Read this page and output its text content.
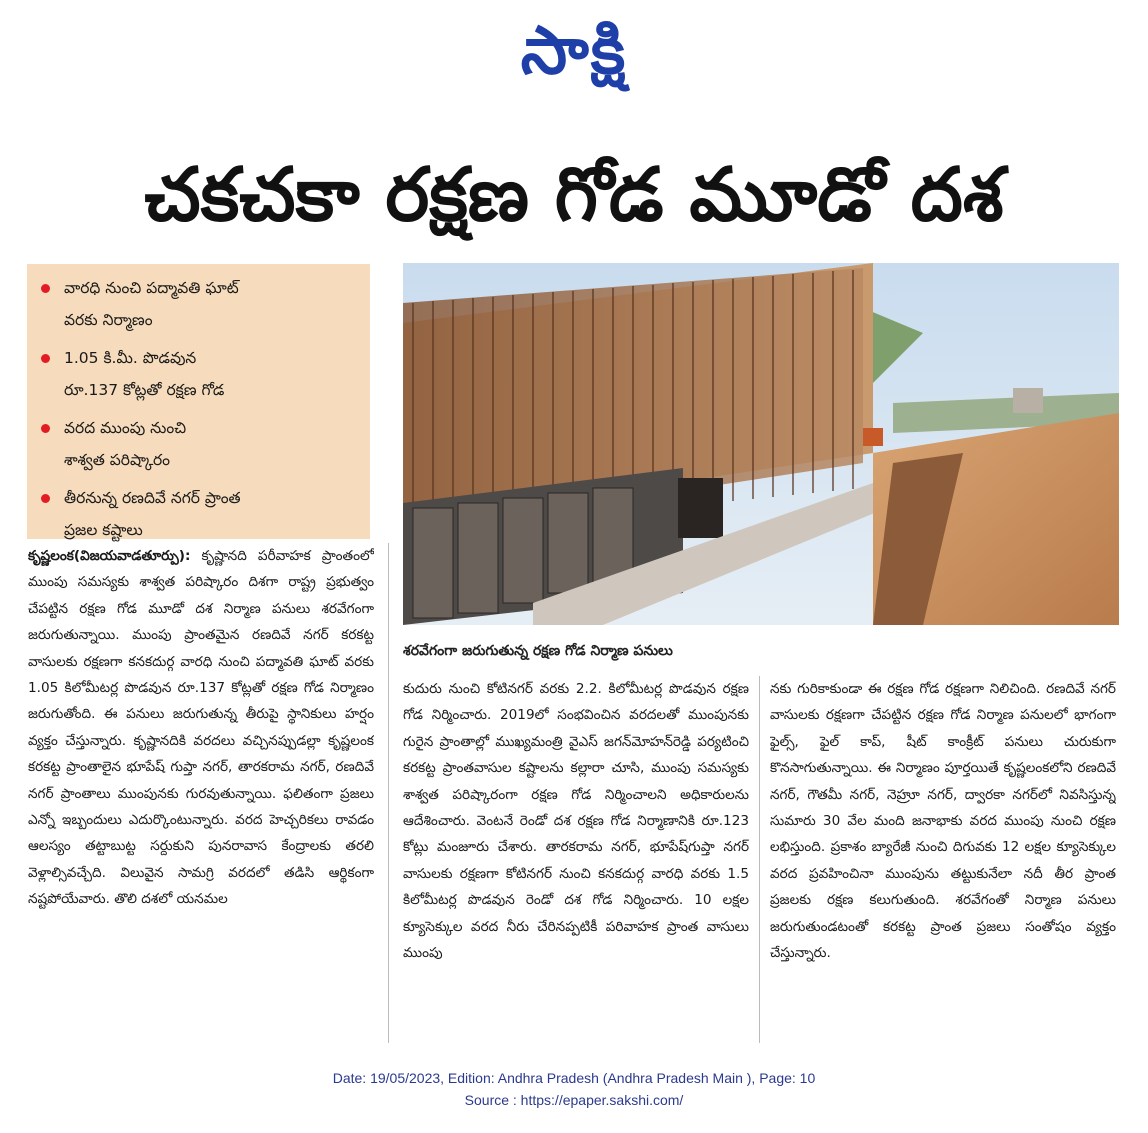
సాక్షి
చకచకా రక్షణ గోడ మూడో దశ
వారధి నుంచి పద్మావతి ఘాట్
వరకు నిర్మాణం
1.05 కి.మీ. పొడవున
రూ.137 కోట్లతో రక్షణ గోడ
వరద ముంపు నుంచి
శాశ్వత పరిష్కారం
తీరనున్న రణదివే నగర్ ప్రాంత
ప్రజల కష్టాలు
శరవేగంగా జరుగుతున్న రక్షణ గోడ నిర్మాణ పనులు
కృష్ణలంక(విజయవాడతూర్పు): కృష్ణానది పరీవాహక ప్రాంతంలో ముంపు సమస్యకు శాశ్వత పరిష్కారం దిశగా రాష్ట్ర ప్రభుత్వం చేపట్టిన రక్షణ గోడ మూడో దశ నిర్మాణ పనులు శరవేగంగా జరుగుతున్నాయి. ముంపు ప్రాంతమైన రణదివే నగర్ కరకట్ట వాసులకు రక్షణగా కనకదుర్గ వారధి నుంచి పద్మావతి ఘాట్ వరకు 1.05 కిలోమీటర్ల పొడవున రూ.137 కోట్లతో రక్షణ గోడ నిర్మాణం జరుగుతోంది. ఈ పనులు జరుగుతున్న తీరుపై స్థానికులు హర్షం వ్యక్తం చేస్తున్నారు. కృష్ణానదికి వరదలు వచ్చినప్పుడల్లా కృష్ణలంక కరకట్ట ప్రాంతాలైన భూపేష్ గుప్తా నగర్, తారకరామ నగర్, రణదివే నగర్ ప్రాంతాలు ముంపునకు గురవుతున్నాయి. ఫలితంగా ప్రజలు ఎన్నో ఇబ్బందులు ఎదుర్కొంటున్నారు. వరద హెచ్చరికలు రావడం ఆలస్యం తట్టాబుట్ట సర్దుకుని పునరావాస కేంద్రాలకు తరలి వెళ్లాల్సివచ్చేది. విలువైన సామగ్రి వరదలో తడిసి ఆర్థికంగా నష్టపోయేవారు. తొలి దశలో యనమల
కుదురు నుంచి కోటినగర్ వరకు 2.2. కిలోమీటర్ల పొడవున రక్షణ గోడ నిర్మించారు. 2019లో సంభవించిన వరదలతో ముంపునకు గురైన ప్రాంతాల్లో ముఖ్యమంత్రి వైఎస్ జగన్‌మోహన్‌రెడ్డి పర్యటించి కరకట్ట ప్రాంతవాసుల కష్టాలను కల్లారా చూసి, ముంపు సమస్యకు శాశ్వత పరిష్కారంగా రక్షణ గోడ నిర్మించాలని అధికారులను ఆదేశించారు. వెంటనే రెండో దశ రక్షణ గోడ నిర్మాణానికి రూ.123 కోట్లు మంజూరు చేశారు. తారకరామ నగర్, భూపేష్‌గుప్తా నగర్ వాసులకు రక్షణగా కోటినగర్ నుంచి కనకదుర్గ వారధి వరకు 1.5 కిలోమీటర్ల పొడవున రెండో దశ గోడ నిర్మించారు. 10 లక్షల క్యూసెక్కుల వరద నీరు చేరినప్పటికీ పరివాహక ప్రాంత వాసులు ముంపు
నకు గురికాకుండా ఈ రక్షణ గోడ రక్షణగా నిలిచింది. రణదివే నగర్ వాసులకు రక్షణగా చేపట్టిన రక్షణ గోడ నిర్మాణ పనులలో భాగంగా ఫైల్స్, ఫైల్ కాప్, షీట్ కాంక్రీట్ పనులు చురుకుగా కొనసాగుతున్నాయి. ఈ నిర్మాణం పూర్తయితే కృష్ణలంకలోని రణదివే నగర్, గౌతమీ నగర్, నెహ్రూ నగర్, ద్వారకా నగర్‌లో నివసిస్తున్న సుమారు 30 వేల మంది జనాభాకు వరద ముంపు నుంచి రక్షణ లభిస్తుంది. ప్రకాశం బ్యారేజీ నుంచి దిగువకు 12 లక్షల క్యూసెక్కుల వరద ప్రవహించినా ముంపును తట్టుకునేలా నదీ తీర ప్రాంత ప్రజలకు రక్షణ కలుగుతుంది. శరవేగంతో నిర్మాణ పనులు జరుగుతుండటంతో కరకట్ట ప్రాంత ప్రజలు సంతోషం వ్యక్తం చేస్తున్నారు.
Date: 19/05/2023, Edition: Andhra Pradesh (Andhra Pradesh Main ), Page: 10
Source : https://epaper.sakshi.com/
